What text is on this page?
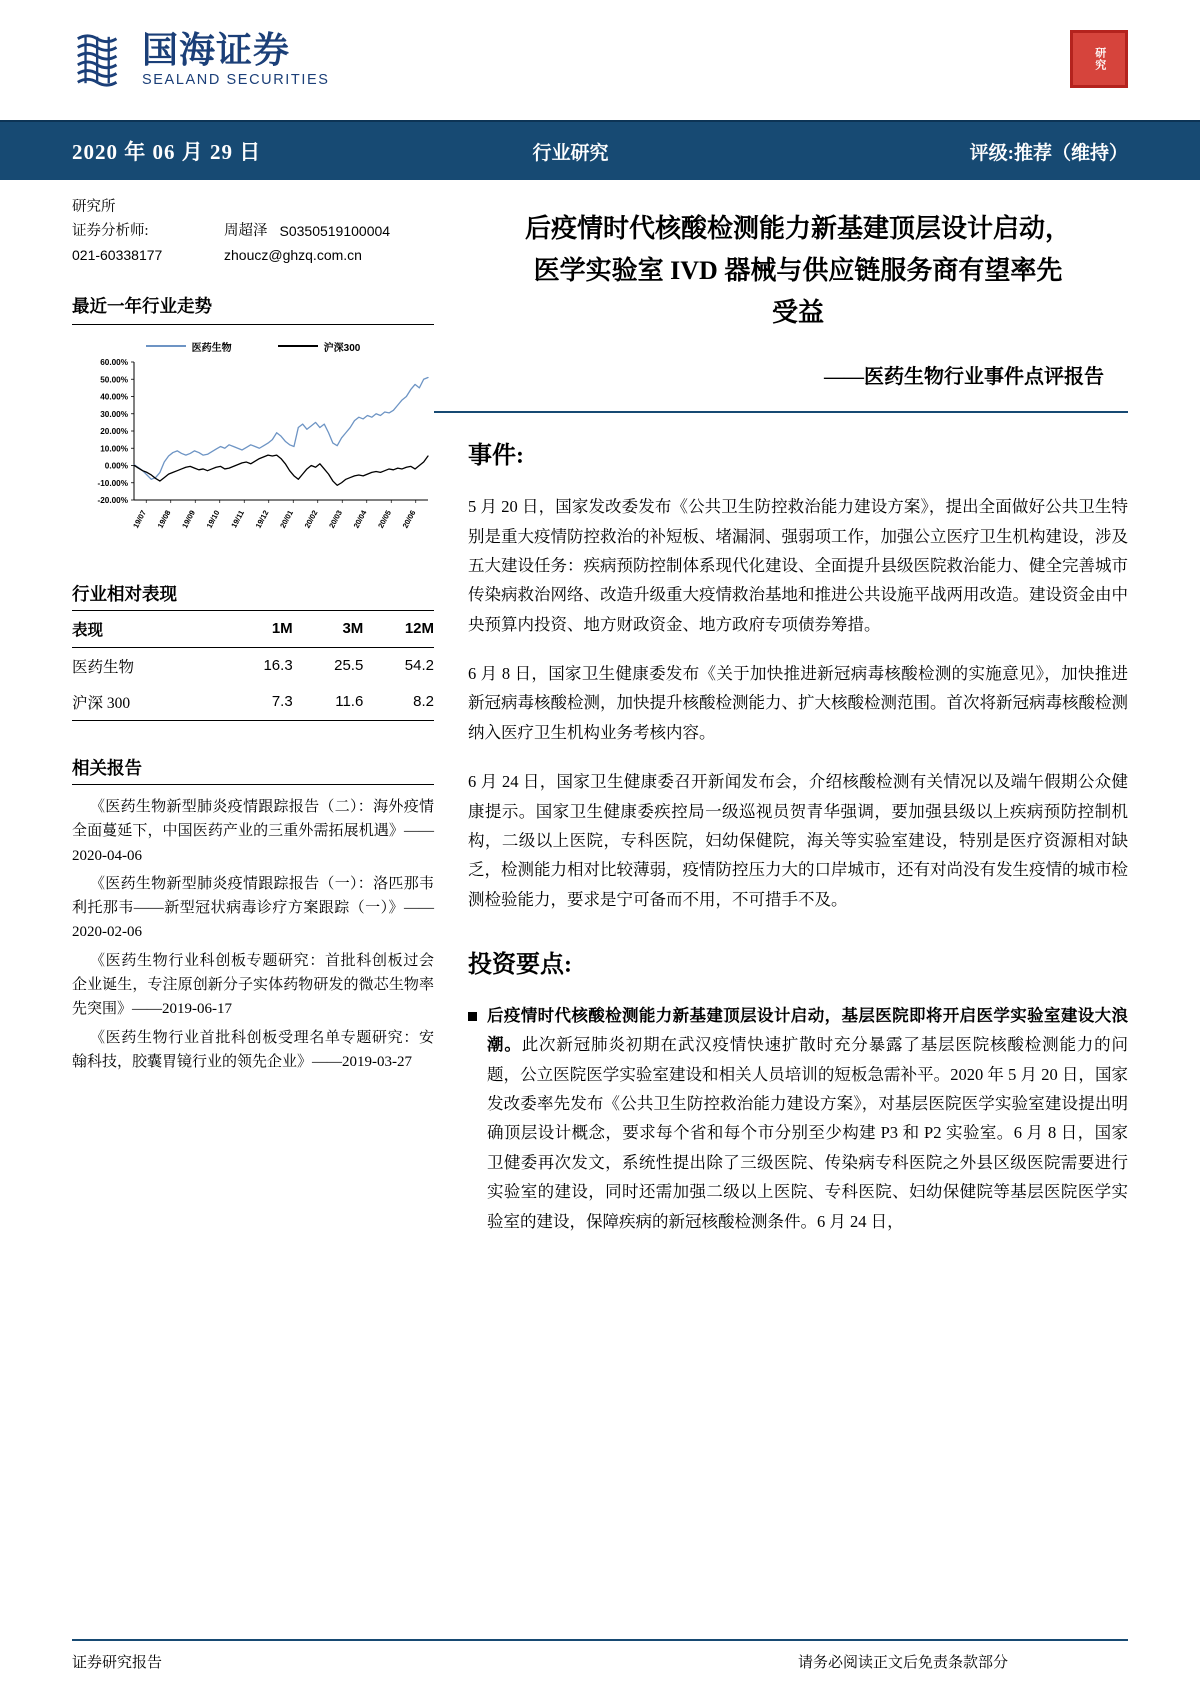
国海证券
SEALAND SECURITIES
研究
2020 年 06 月 29 日	行业研究	评级:推荐（维持）
研究所
证券分析师:	周超泽 S0350519100004
021-60338177	zhoucz@ghzq.com.cn
最近一年行业走势
医药生物	沪深300
60.00%
50.00%
40.00%
30.00%
20.00%
10.00%
0.00%
-10.00%
-20.00%
19/07 19/08 19/09 19/10 19/11 19/12 20/01 20/02 20/03 20/04 20/05 20/06
行业相对表现
表现	1M	3M	12M
医药生物	16.3	25.5	54.2
沪深 300	7.3	11.6	8.2
相关报告
《医药生物新型肺炎疫情跟踪报告（二）：海外疫情全面蔓延下，中国医药产业的三重外需拓展机遇》——2020-04-06
《医药生物新型肺炎疫情跟踪报告（一）：洛匹那韦利托那韦——新型冠状病毒诊疗方案跟踪（一）》——2020-02-06
《医药生物行业科创板专题研究：首批科创板过会企业诞生，专注原创新分子实体药物研发的微芯生物率先突围》——2019-06-17
《医药生物行业首批科创板受理名单专题研究：安翰科技，胶囊胃镜行业的领先企业》——2019-03-27
后疫情时代核酸检测能力新基建顶层设计启动，
医学实验室 IVD 器械与供应链服务商有望率先
受益
——医药生物行业事件点评报告
事件:

5 月 20 日，国家发改委发布《公共卫生防控救治能力建设方案》，提出全面做好公共卫生特别是重大疫情防控救治的补短板、堵漏洞、强弱项工作，加强公立医疗卫生机构建设，涉及五大建设任务：疾病预防控制体系现代化建设、全面提升县级医院救治能力、健全完善城市传染病救治网络、改造升级重大疫情救治基地和推进公共设施平战两用改造。建设资金由中央预算内投资、地方财政资金、地方政府专项债券筹措。

6 月 8 日，国家卫生健康委发布《关于加快推进新冠病毒核酸检测的实施意见》，加快推进新冠病毒核酸检测，加快提升核酸检测能力、扩大核酸检测范围。首次将新冠病毒核酸检测纳入医疗卫生机构业务考核内容。

6 月 24 日，国家卫生健康委召开新闻发布会，介绍核酸检测有关情况以及端午假期公众健康提示。国家卫生健康委疾控局一级巡视员贺青华强调，要加强县级以上疾病预防控制机构，二级以上医院，专科医院，妇幼保健院，海关等实验室建设，特别是医疗资源相对缺乏，检测能力相对比较薄弱，疫情防控压力大的口岸城市，还有对尚没有发生疫情的城市检测检验能力，要求是宁可备而不用，不可措手不及。

投资要点:
后疫情时代核酸检测能力新基建顶层设计启动，基层医院即将开启医学实验室建设大浪潮。此次新冠肺炎初期在武汉疫情快速扩散时充分暴露了基层医院核酸检测能力的问题，公立医院医学实验室建设和相关人员培训的短板急需补平。2020 年 5 月 20 日，国家发改委率先发布《公共卫生防控救治能力建设方案》，对基层医院医学实验室建设提出明确顶层设计概念，要求每个省和每个市分别至少构建 P3 和 P2 实验室。6 月 8 日，国家卫健委再次发文，系统性提出除了三级医院、传染病专科医院之外县区级医院需要进行实验室的建设，同时还需加强二级以上医院、专科医院、妇幼保健院等基层医院医学实验室的建设，保障疾病的新冠核酸检测条件。6 月 24 日，
证券研究报告	请务必阅读正文后免责条款部分
